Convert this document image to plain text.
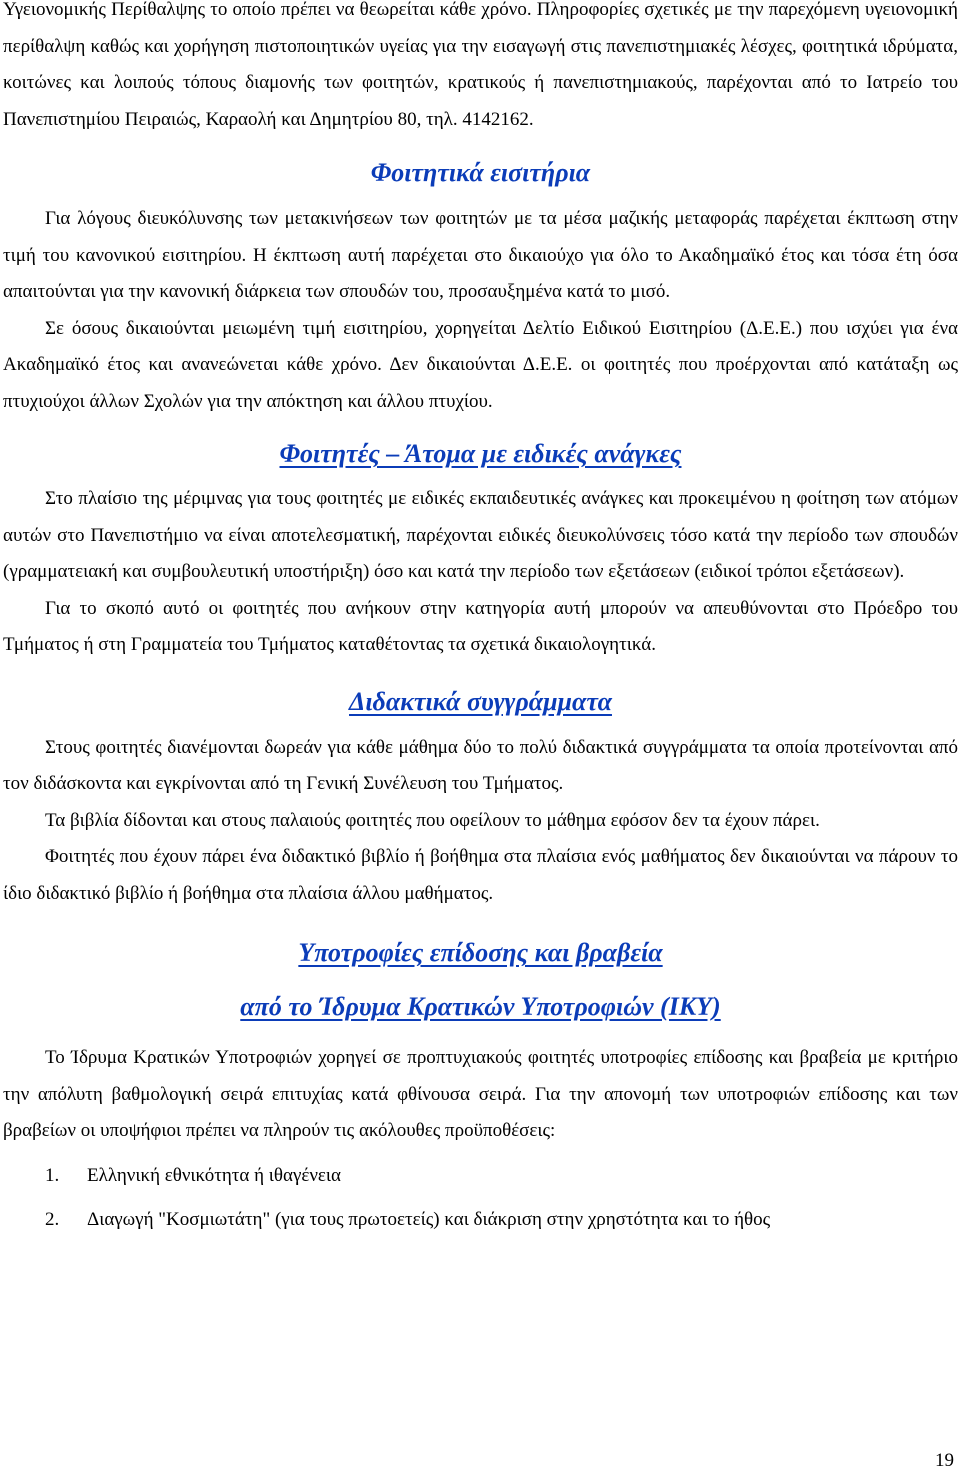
Υγειονομικής Περίθαλψης το οποίο πρέπει να θεωρείται κάθε χρόνο. Πληροφορίες σχετικές με την παρεχόμενη υγειονομική περίθαλψη καθώς και χορήγηση πιστοποιητικών υγείας για την εισαγωγή στις πανεπιστημιακές λέσχες, φοιτητικά ιδρύματα, κοιτώνες και λοιπούς τόπους διαμονής των φοιτητών, κρατικούς ή πανεπιστημιακούς, παρέχονται από το Ιατρείο του Πανεπιστημίου Πειραιώς, Καραολή και Δημητρίου 80, τηλ. 4142162.

Φοιτητικά εισιτήρια

Για λόγους διευκόλυνσης των μετακινήσεων των φοιτητών με τα μέσα μαζικής μεταφοράς παρέχεται έκπτωση στην τιμή του κανονικού εισιτηρίου. Η έκπτωση αυτή παρέχεται στο δικαιούχο για όλο το Ακαδημαϊκό έτος και τόσα έτη όσα απαιτούνται για την κανονική διάρκεια των σπουδών του, προσαυξημένα κατά το μισό.

Σε όσους δικαιούνται μειωμένη τιμή εισιτηρίου, χορηγείται Δελτίο Ειδικού Εισιτηρίου (Δ.Ε.Ε.) που ισχύει για ένα Ακαδημαϊκό έτος και ανανεώνεται κάθε χρόνο. Δεν δικαιούνται Δ.Ε.Ε. οι φοιτητές που προέρχονται από κατάταξη ως πτυχιούχοι άλλων Σχολών για την απόκτηση και άλλου πτυχίου.

Φοιτητές – Άτομα με ειδικές ανάγκες

Στο πλαίσιο της μέριμνας για τους φοιτητές με ειδικές εκπαιδευτικές ανάγκες και προκειμένου η φοίτηση των ατόμων αυτών στο Πανεπιστήμιο να είναι αποτελεσματική, παρέχονται ειδικές διευκολύνσεις τόσο κατά την περίοδο των σπουδών (γραμματειακή και συμβουλευτική υποστήριξη) όσο και κατά την περίοδο των εξετάσεων (ειδικοί τρόποι εξετάσεων).

Για το σκοπό αυτό οι φοιτητές που ανήκουν στην κατηγορία αυτή μπορούν να απευθύνονται στο Πρόεδρο του Τμήματος ή στη Γραμματεία του Τμήματος καταθέτοντας τα σχετικά δικαιολογητικά.

Διδακτικά συγγράμματα

Στους φοιτητές διανέμονται δωρεάν για κάθε μάθημα δύο το πολύ διδακτικά συγγράμματα τα οποία προτείνονται από τον διδάσκοντα και εγκρίνονται από τη Γενική Συνέλευση του Τμήματος.

Τα βιβλία δίδονται και στους παλαιούς φοιτητές που οφείλουν το μάθημα εφόσον δεν τα έχουν πάρει.

Φοιτητές που έχουν πάρει ένα διδακτικό βιβλίο ή βοήθημα στα πλαίσια ενός μαθήματος δεν δικαιούνται να πάρουν το ίδιο διδακτικό βιβλίο ή βοήθημα στα πλαίσια άλλου μαθήματος.

Υποτροφίες επίδοσης και βραβεία
από το Ίδρυμα Κρατικών Υποτροφιών (ΙΚΥ)

Το Ίδρυμα Κρατικών Υποτροφιών χορηγεί σε προπτυχιακούς φοιτητές υποτροφίες επίδοσης και βραβεία με κριτήριο την απόλυτη βαθμολογική σειρά επιτυχίας κατά φθίνουσα σειρά. Για την απονομή των υποτροφιών επίδοσης και των βραβείων οι υποψήφιοι πρέπει να πληρούν τις ακόλουθες προϋποθέσεις:

1.	Ελληνική εθνικότητα ή ιθαγένεια
2.	Διαγωγή "Κοσμιωτάτη" (για τους πρωτοετείς) και διάκριση στην χρηστότητα και το ήθος
19
